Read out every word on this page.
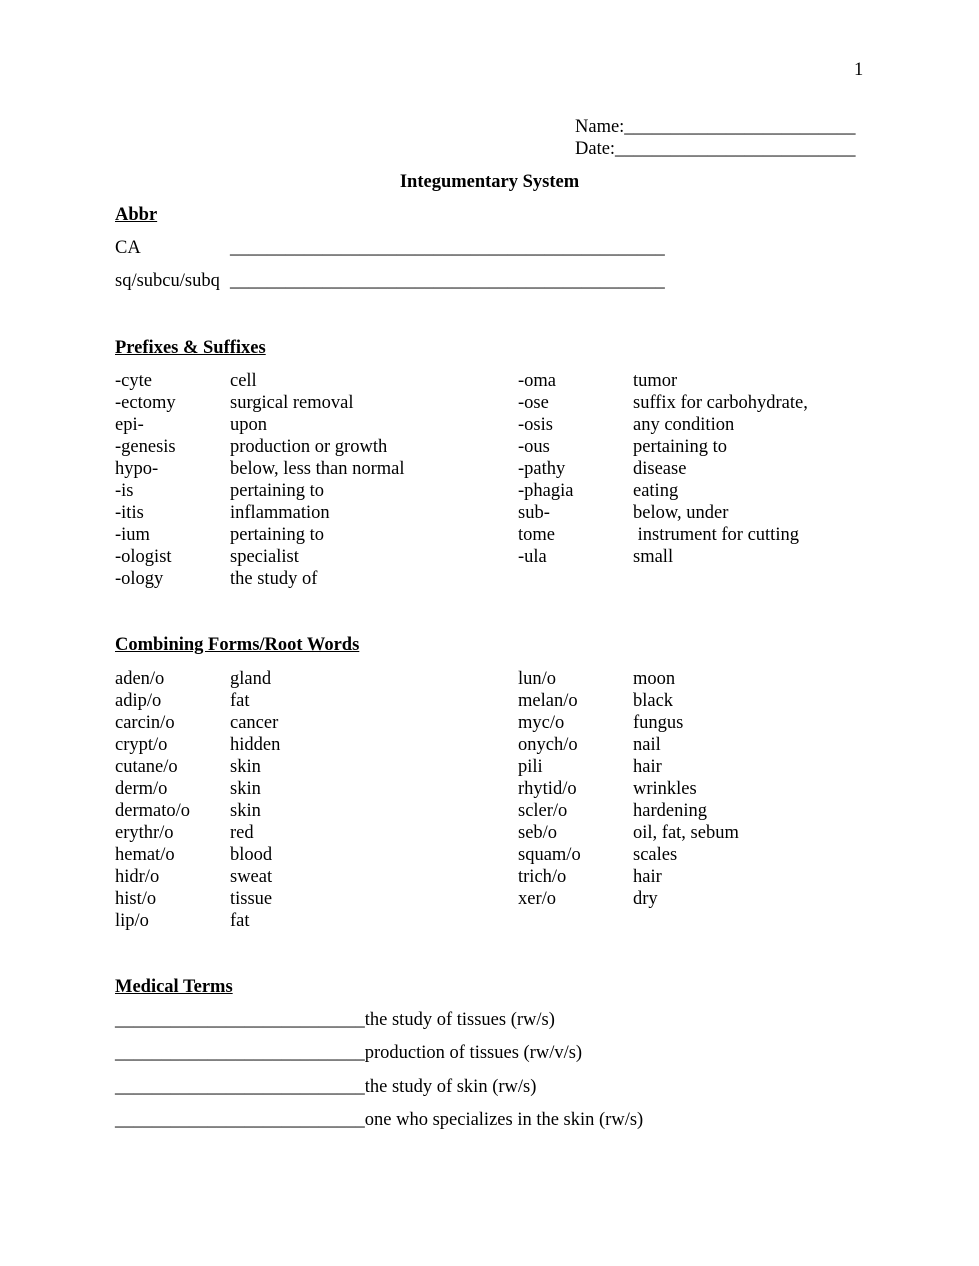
1
Name:_________________________
Date:__________________________
Integumentary System
Abbr
CA	_______________________________________________
sq/subcu/subq _______________________________________________
Prefixes & Suffixes
-cyte
-ectomy
epi-
-genesis
hypo-
-is
-itis
-ium
-ologist
-ology
cell
surgical removal
upon
production or growth
below, less than normal
pertaining to
inflammation
pertaining to
specialist
the study of
-oma
-ose
-osis
-ous
-pathy
-phagia
sub-
tome
-ula
tumor
suffix for carbohydrate,
any condition
pertaining to
disease
eating
below, under
instrument for cutting
small
Combining Forms/Root Words
aden/o
adip/o
carcin/o
crypt/o
cutane/o
derm/o
dermato/o
erythr/o
hemat/o
hidr/o
hist/o
lip/o
gland
fat
cancer
hidden
skin
skin
skin
red
blood
sweat
tissue
fat
lun/o
melan/o
myc/o
onych/o
pili
rhytid/o
scler/o
seb/o
squam/o
trich/o
xer/o
moon
black
fungus
nail
hair
wrinkles
hardening
oil, fat, sebum
scales
hair
dry
Medical Terms
___________________________the study of tissues (rw/s)
___________________________production of tissues (rw/v/s)
___________________________the study of skin (rw/s)
___________________________one who specializes in the skin (rw/s)
